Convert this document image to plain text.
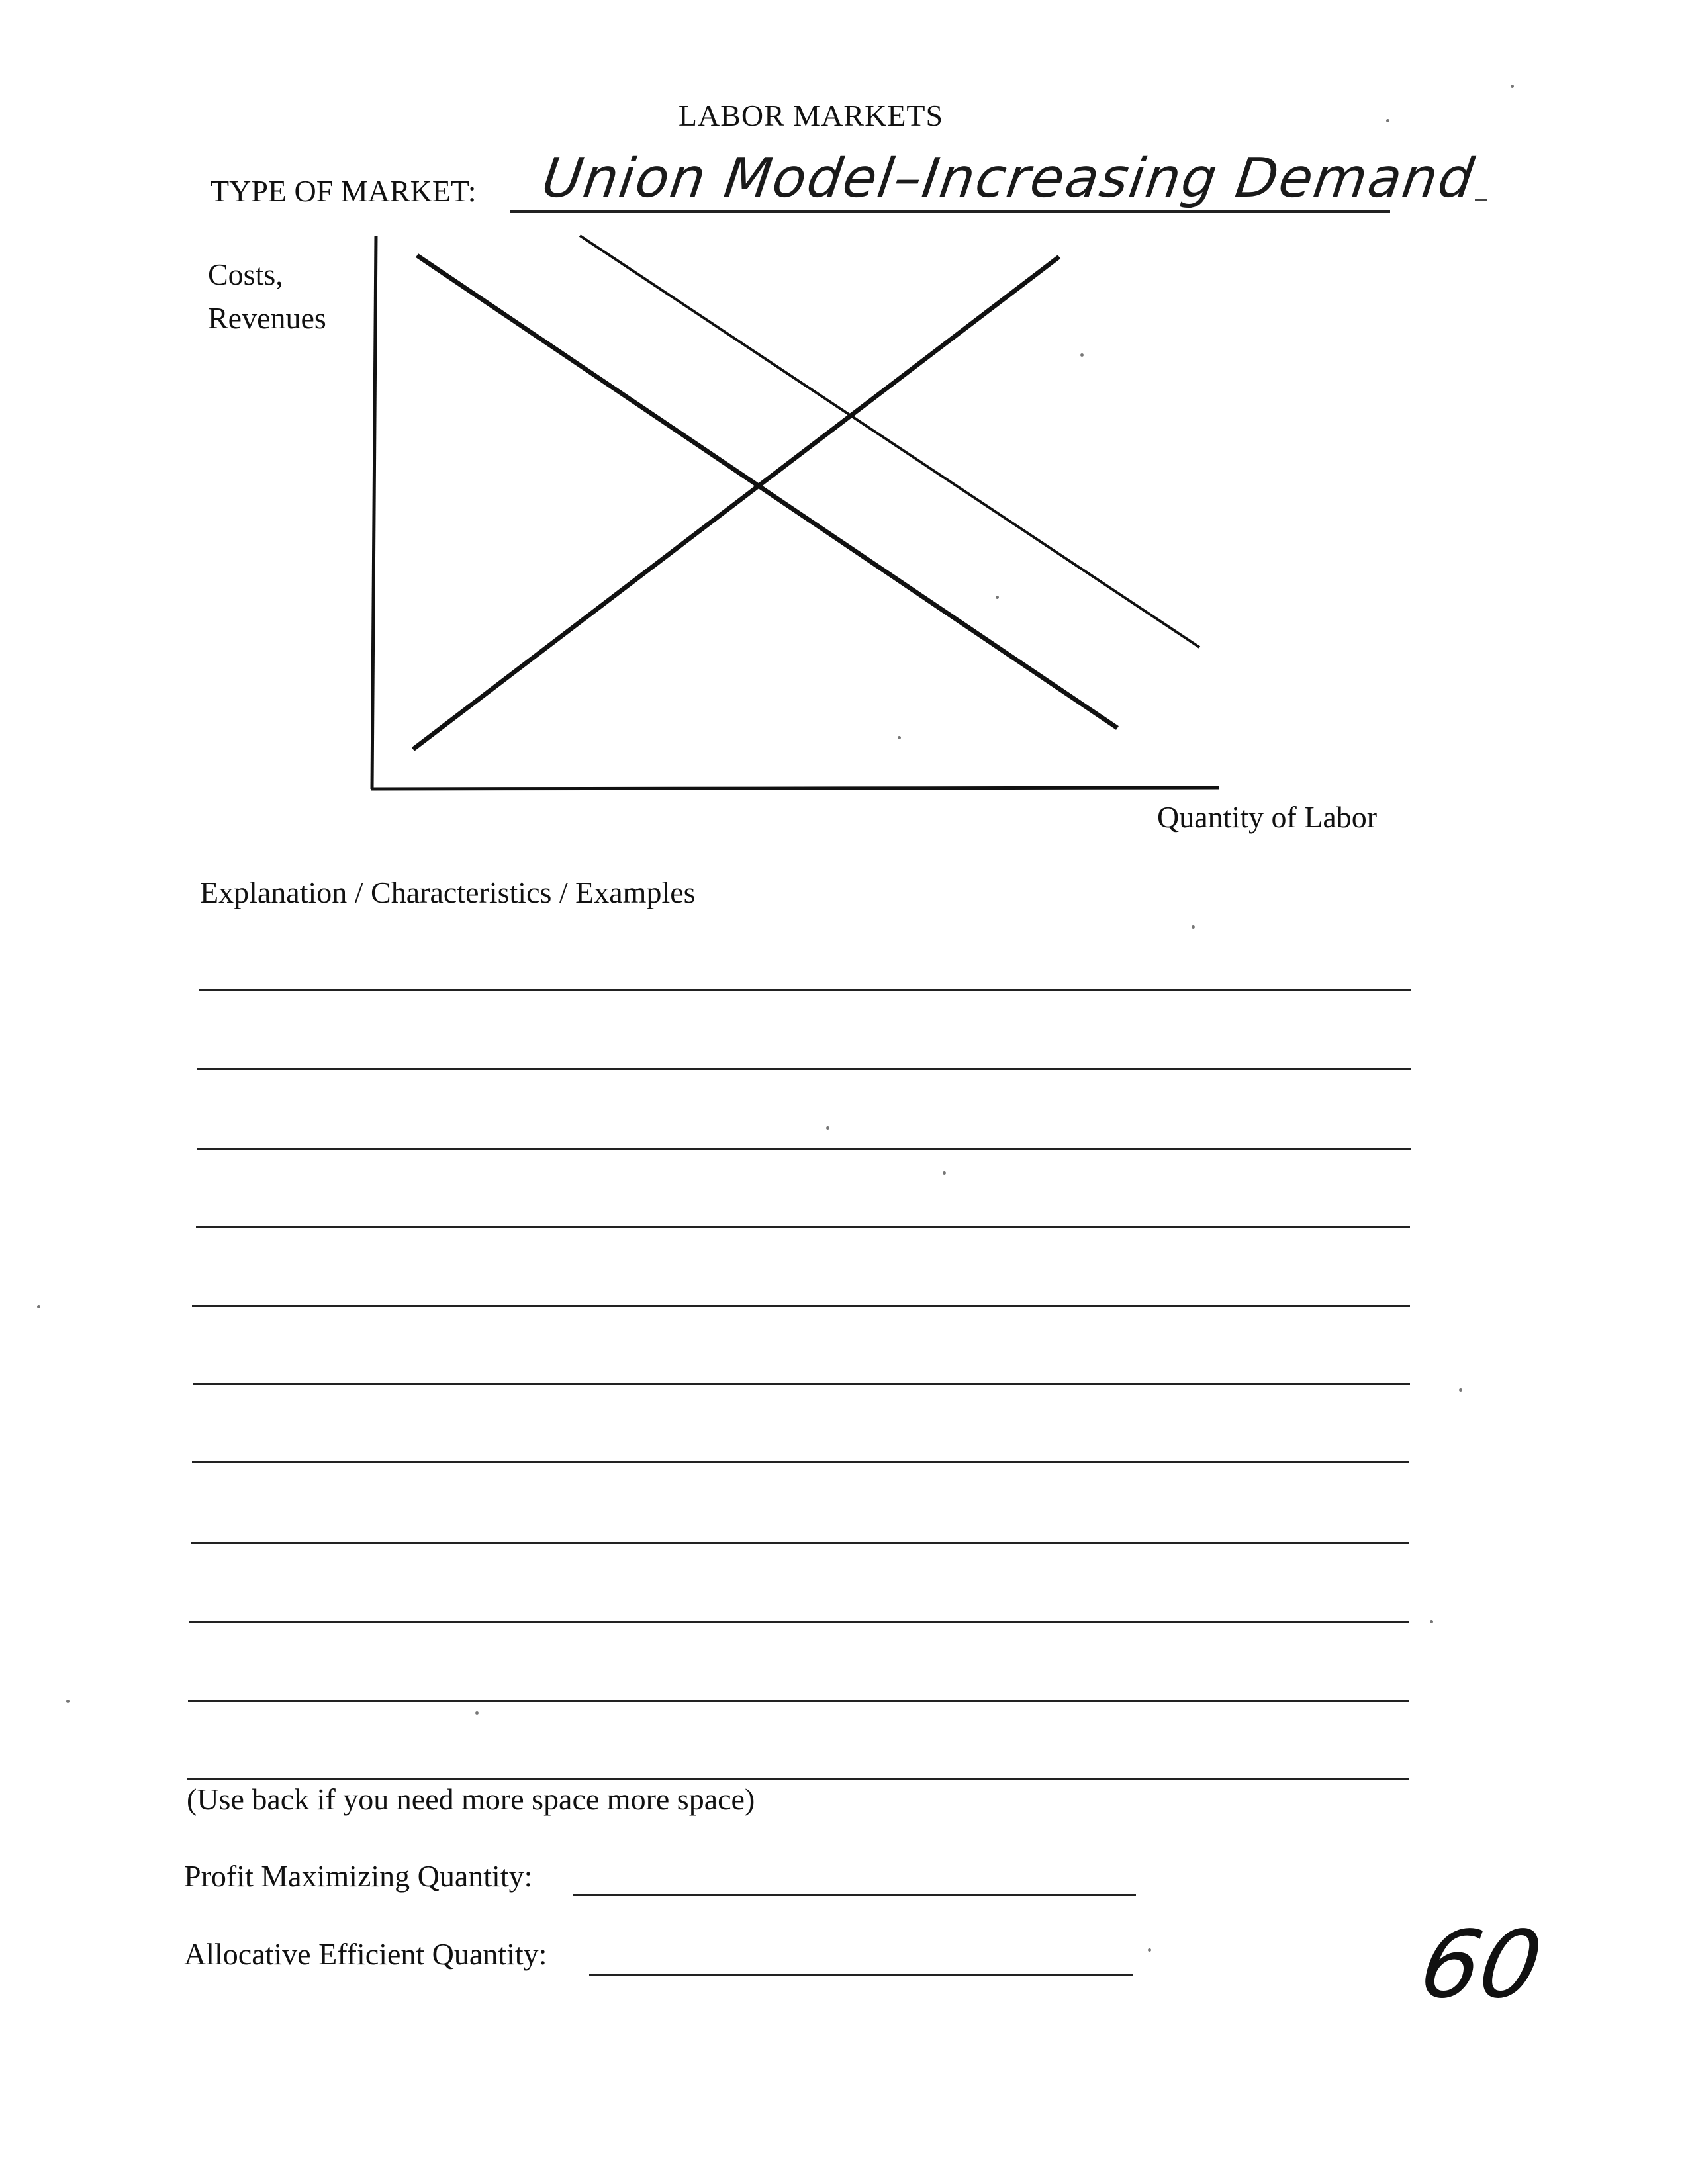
LABOR MARKETS
TYPE OF MARKET: Union Model–Increasing Demand
Costs,
Revenues
Quantity of Labor
Explanation / Characteristics / Examples
(Use back if you need more space more space)
Profit Maximizing Quantity:
Allocative Efficient Quantity:	60
